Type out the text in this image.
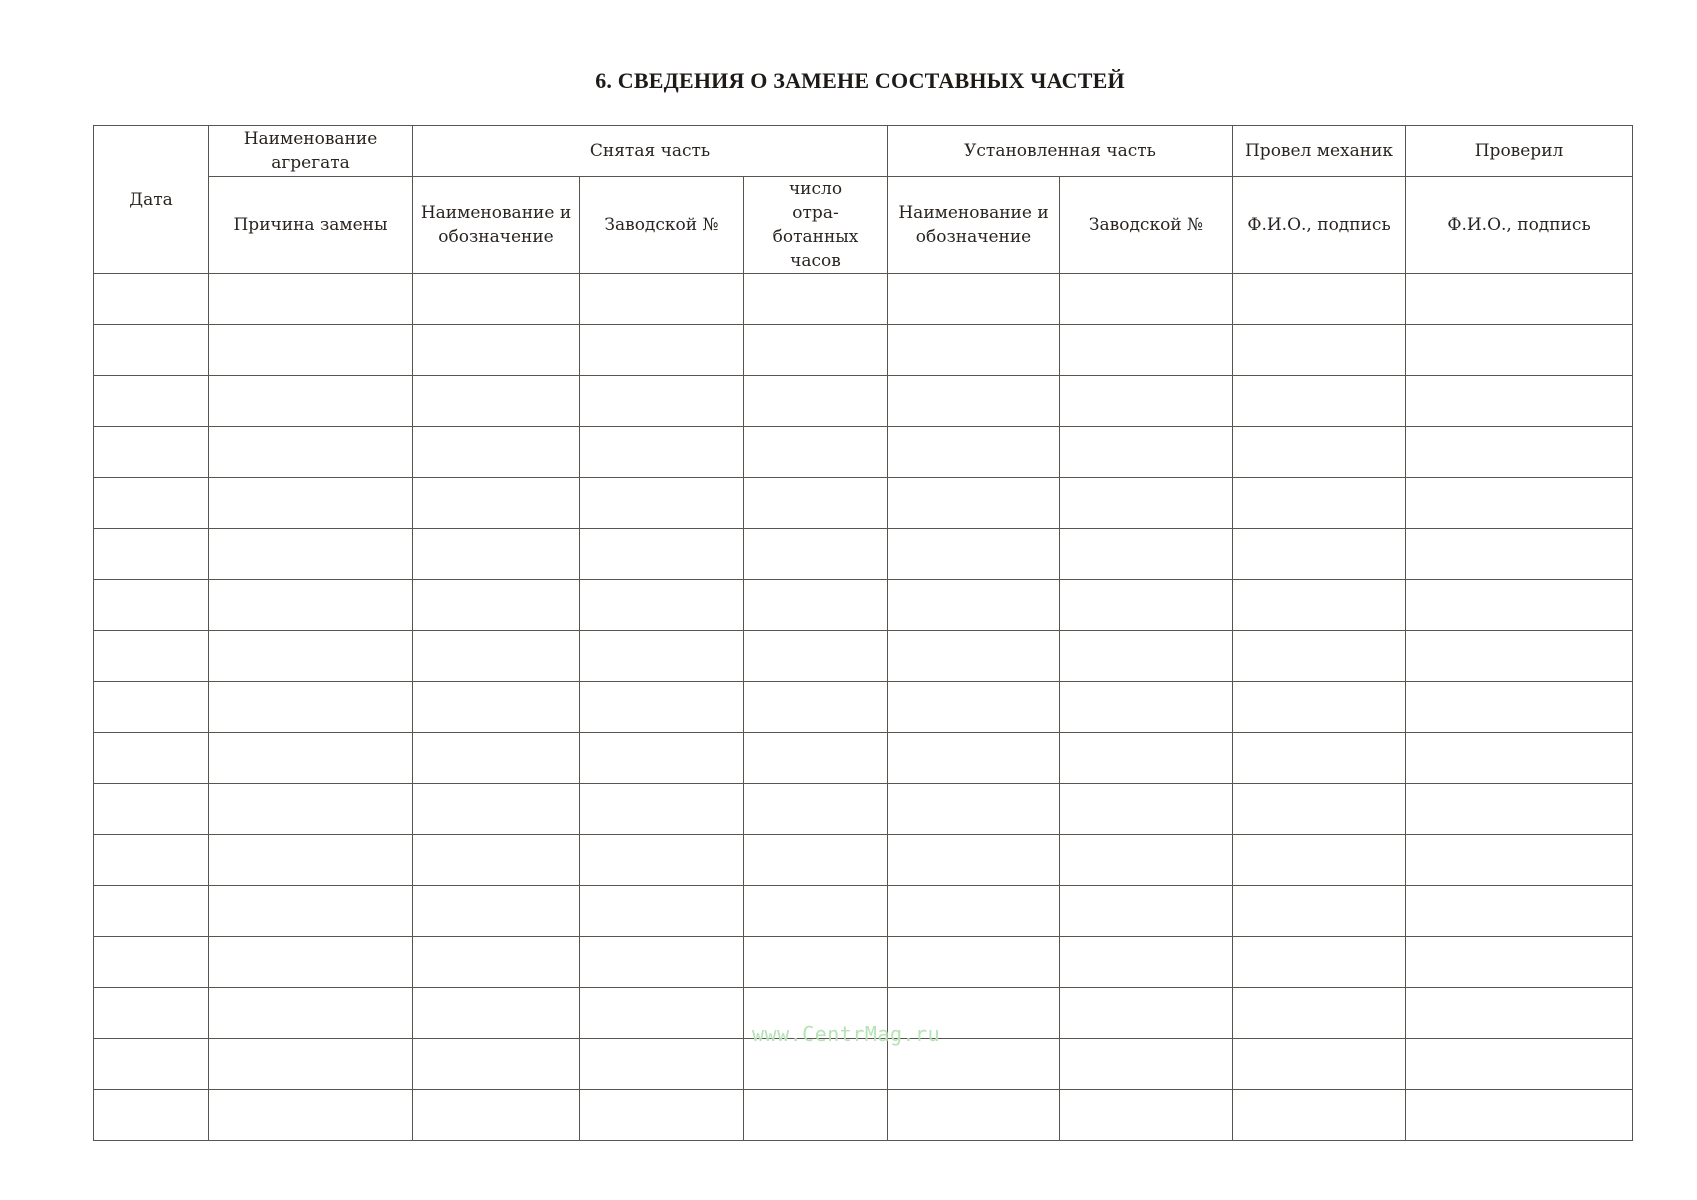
6. СВЕДЕНИЯ О ЗАМЕНЕ СОСТАВНЫХ ЧАСТЕЙ
Дата	Наименование агрегата	Снятая часть			Установленная часть		Провел механик	Проверил
	Причина замены	Наименование и обозначение	Заводской №	число отра-ботанных часов	Наименование и обозначение	Заводской №	Ф.И.О., подпись	Ф.И.О., подпись

www.CentrMag.ru
